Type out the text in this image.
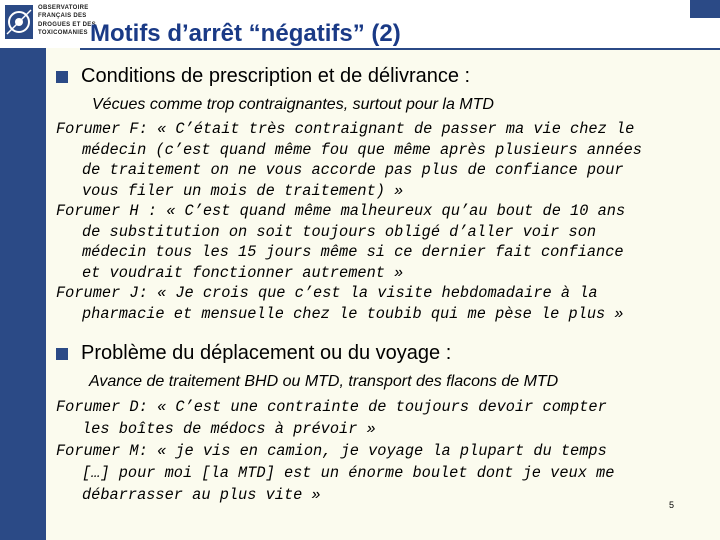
OBSERVATOIRE
FRANÇAIS DES
DROGUES ET DES
TOXICOMANIES Motifs d’arrêt “négatifs” (2)
Conditions de prescription et de délivrance :
Vécues comme trop contraignantes, surtout pour la MTD
Forumer F: « C’était très contraignant de passer ma vie chez le
médecin (c’est quand même fou que même après plusieurs années
de traitement on ne vous accorde pas plus de confiance pour
vous filer un mois de traitement) »
Forumer H : « C’est quand même malheureux qu’au bout de 10 ans
de substitution on soit toujours obligé d’aller voir son
médecin tous les 15 jours même si ce dernier fait confiance
et voudrait fonctionner autrement »
Forumer J: « Je crois que c’est la visite hebdomadaire à la
pharmacie et mensuelle chez le toubib qui me pèse le plus »
Problème du déplacement ou du voyage :
Avance de traitement BHD ou MTD, transport des flacons de MTD
Forumer D: « C’est une contrainte de toujours devoir compter
les boîtes de médocs à prévoir »
Forumer M: « je vis en camion, je voyage la plupart du temps
[…] pour moi [la MTD] est un énorme boulet dont je veux me
débarrasser au plus vite »
5
